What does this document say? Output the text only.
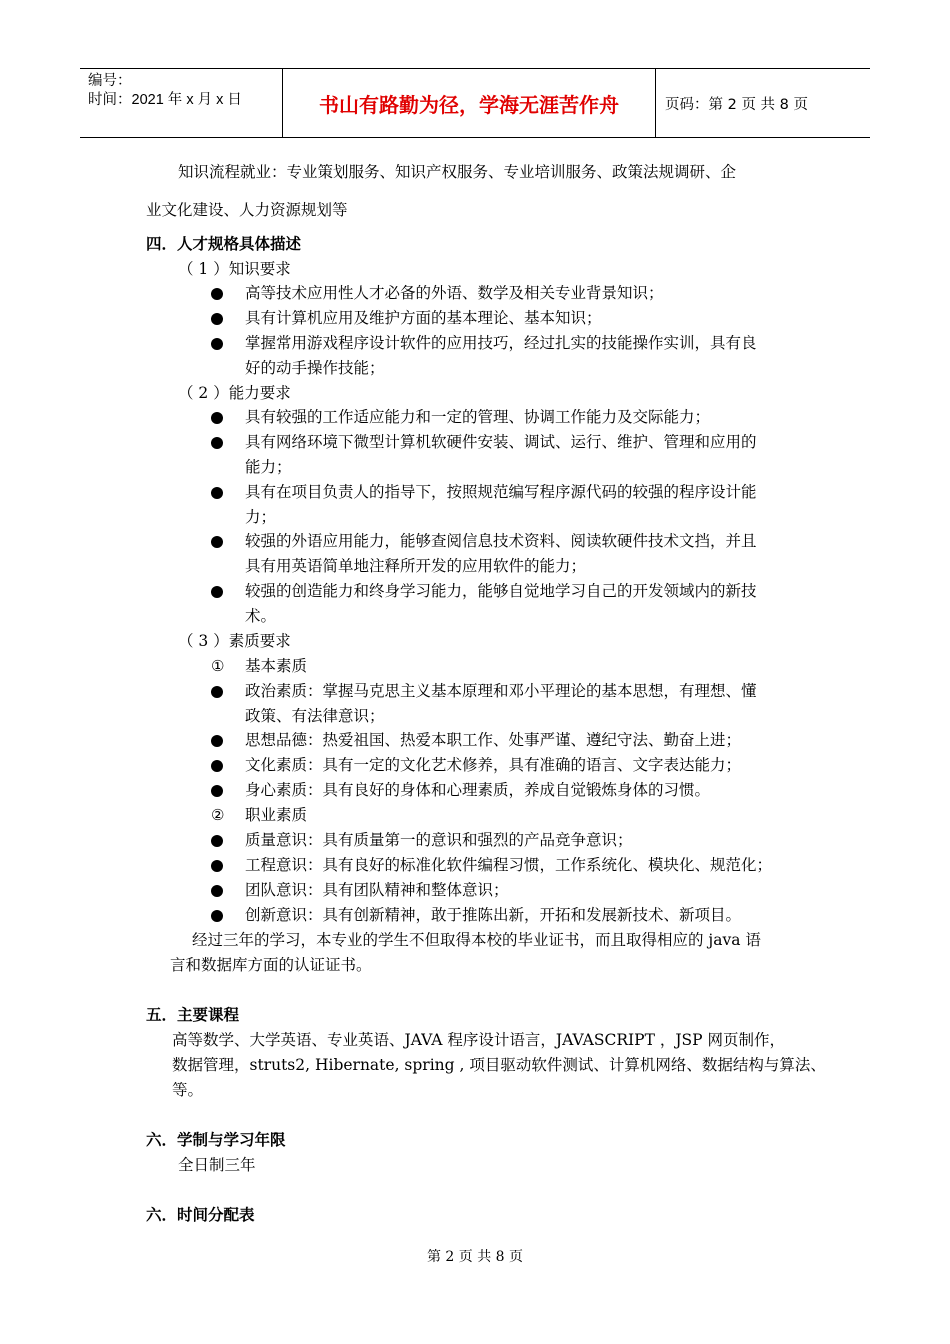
编号：
时间：2021 年 x 月 x 日	书山有路勤为径，学海无涯苦作舟	页码：第 2 页 共 8 页
知识流程就业：专业策划服务、知识产权服务、专业培训服务、政策法规调研、企
业文化建设、人力资源规划等
四．人才规格具体描述
（ 1 ）知识要求
高等技术应用性人才必备的外语、数学及相关专业背景知识；
具有计算机应用及维护方面的基本理论、基本知识；
掌握常用游戏程序设计软件的应用技巧，经过扎实的技能操作实训，具有良
好的动手操作技能；
（ 2 ）能力要求
具有较强的工作适应能力和一定的管理、协调工作能力及交际能力；
具有网络环境下微型计算机软硬件安装、调试、运行、维护、管理和应用的
能力；
具有在项目负责人的指导下，按照规范编写程序源代码的较强的程序设计能
力；
较强的外语应用能力，能够查阅信息技术资料、阅读软硬件技术文挡，并且
具有用英语简单地注释所开发的应用软件的能力；
较强的创造能力和终身学习能力，能够自觉地学习自己的开发领域内的新技
术。
（ 3 ）素质要求
① 基本素质
政治素质：掌握马克思主义基本原理和邓小平理论的基本思想，有理想、懂
政策、有法律意识；
思想品德：热爱祖国、热爱本职工作、处事严谨、遵纪守法、勤奋上进；
文化素质：具有一定的文化艺术修养，具有准确的语言、文字表达能力；
身心素质：具有良好的身体和心理素质，养成自觉锻炼身体的习惯。
② 职业素质
质量意识：具有质量第一的意识和强烈的产品竞争意识；
工程意识：具有良好的标准化软件编程习惯，工作系统化、模块化、规范化；
团队意识：具有团队精神和整体意识；
创新意识：具有创新精神，敢于推陈出新，开拓和发展新技术、新项目。
经过三年的学习，本专业的学生不但取得本校的毕业证书，而且取得相应的 java 语
言和数据库方面的认证证书。
五．主要课程
高等数学、大学英语、专业英语、JAVA 程序设计语言，JAVASCRIPT ，JSP 网页制作，
数据管理，struts2, Hibernate, spring , 项目驱动软件测试、计算机网络、数据结构与算法、
等。
六．学制与学习年限
全日制三年
六．时间分配表
第 2 页 共 8 页
